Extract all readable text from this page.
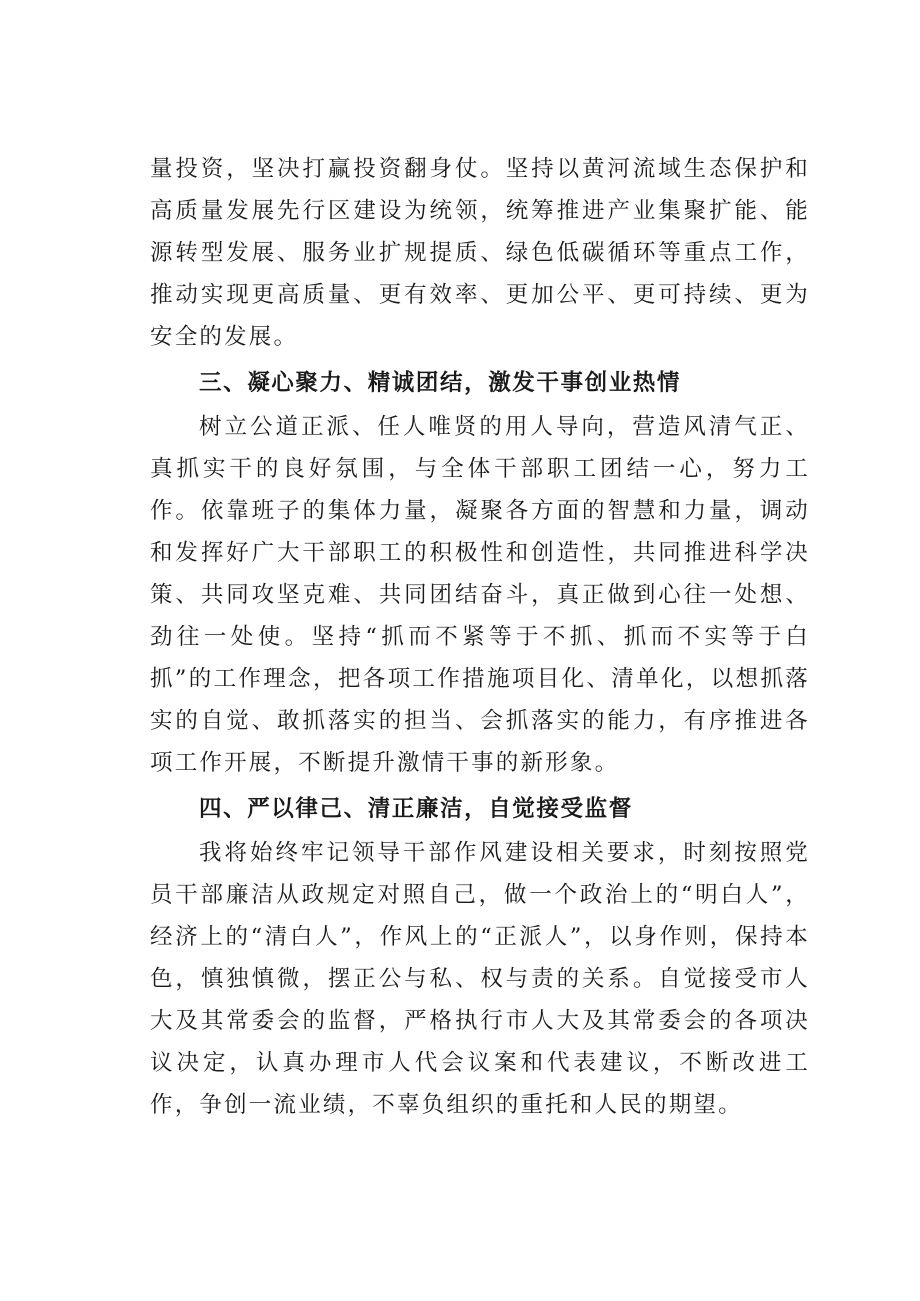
量投资，坚决打赢投资翻身仗。坚持以黄河流域生态保护和高质量发展先行区建设为统领，统筹推进产业集聚扩能、能源转型发展、服务业扩规提质、绿色低碳循环等重点工作，推动实现更高质量、更有效率、更加公平、更可持续、更为安全的发展。

三、凝心聚力、精诚团结，激发干事创业热情

树立公道正派、任人唯贤的用人导向，营造风清气正、真抓实干的良好氛围，与全体干部职工团结一心，努力工作。依靠班子的集体力量，凝聚各方面的智慧和力量，调动和发挥好广大干部职工的积极性和创造性，共同推进科学决策、共同攻坚克难、共同团结奋斗，真正做到心往一处想、劲往一处使。坚持“抓而不紧等于不抓、抓而不实等于白抓”的工作理念，把各项工作措施项目化、清单化，以想抓落实的自觉、敢抓落实的担当、会抓落实的能力，有序推进各项工作开展，不断提升激情干事的新形象。

四、严以律己、清正廉洁，自觉接受监督

我将始终牢记领导干部作风建设相关要求，时刻按照党员干部廉洁从政规定对照自己，做一个政治上的“明白人”，经济上的“清白人”，作风上的“正派人”，以身作则，保持本色，慎独慎微，摆正公与私、权与责的关系。自觉接受市人大及其常委会的监督，严格执行市人大及其常委会的各项决议决定，认真办理市人代会议案和代表建议，不断改进工作，争创一流业绩，不辜负组织的重托和人民的期望。
